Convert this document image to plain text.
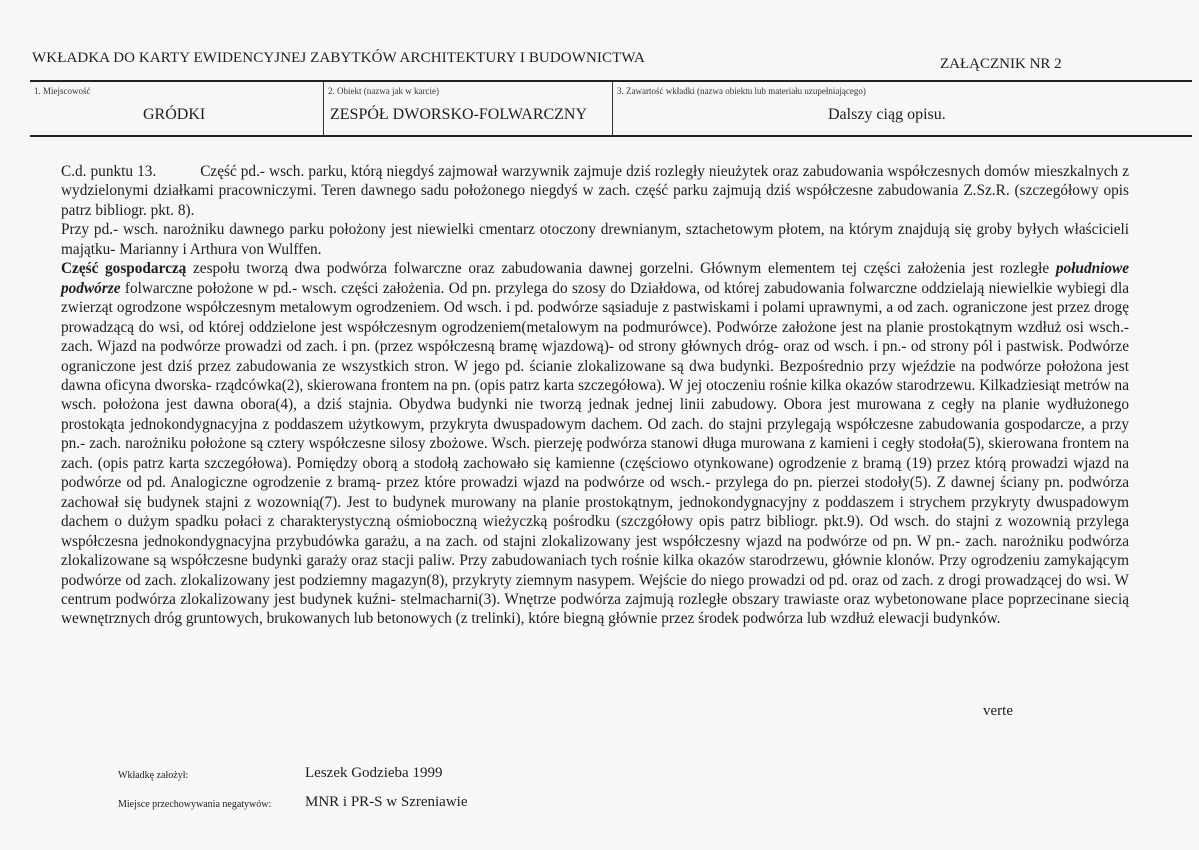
WKŁADKA DO KARTY EWIDENCYJNEJ ZABYTKÓW ARCHITEKTURY I BUDOWNICTWA	ZAŁĄCZNIK NR 2
1. Miejscowość
GRÓDKI
2. Obiekt (nazwa jak w karcie)
ZESPÓŁ DWORSKO-FOLWARCZNY
3. Zawartość wkładki (nazwa obiektu lub materiału uzupełniającego)
Dalszy ciąg opisu.

C.d. punktu 13.	Część pd.- wsch. parku, którą niegdyś zajmował warzywnik zajmuje dziś rozległy nieużytek oraz zabudowania współczesnych domów mieszkalnych z wydzielonymi działkami pracowniczymi. Teren dawnego sadu położonego niegdyś w zach. część parku zajmują dziś współczesne zabudowania Z.Sz.R. (szczegółowy opis patrz bibliogr. pkt. 8).

Przy pd.- wsch. narożniku dawnego parku położony jest niewielki cmentarz otoczony drewnianym, sztachetowym płotem, na którym znajdują się groby byłych właścicieli majątku- Marianny i Arthura von Wulffen.

Część gospodarczą zespołu tworzą dwa podwórza folwarczne oraz zabudowania dawnej gorzelni. Głównym elementem tej części założenia jest rozległe południowe podwórze folwarczne położone w pd.- wsch. części założenia. Od pn. przylega do szosy do Działdowa, od której zabudowania folwarczne oddzielają niewielkie wybiegi dla zwierząt ogrodzone współczesnym metalowym ogrodzeniem. Od wsch. i pd. podwórze sąsiaduje z pastwiskami i polami uprawnymi, a od zach. ograniczone jest przez drogę prowadzącą do wsi, od której oddzielone jest współczesnym ogrodzeniem(metalowym na podmurówce). Podwórze założone jest na planie prostokątnym wzdłuż osi wsch.- zach. Wjazd na podwórze prowadzi od zach. i pn. (przez współczesną bramę wjazdową)- od strony głównych dróg- oraz od wsch. i pn.- od strony pól i pastwisk. Podwórze ograniczone jest dziś przez zabudowania ze wszystkich stron. W jego pd. ścianie zlokalizowane są dwa budynki. Bezpośrednio przy wjeździe na podwórze położona jest dawna oficyna dworska- rządcówka(2), skierowana frontem na pn. (opis patrz karta szczegółowa). W jej otoczeniu rośnie kilka okazów starodrzewu. Kilkadziesiąt metrów na wsch. położona jest dawna obora(4), a dziś stajnia. Obydwa budynki nie tworzą jednak jednej linii zabudowy. Obora jest murowana z cegły na planie wydłużonego prostokąta jednokondygnacyjna z poddaszem użytkowym, przykryta dwuspadowym dachem. Od zach. do stajni przylegają współczesne zabudowania gospodarcze, a przy pn.- zach. narożniku położone są cztery współczesne silosy zbożowe. Wsch. pierzeję podwórza stanowi długa murowana z kamieni i cegły stodoła(5), skierowana frontem na zach. (opis patrz karta szczegółowa). Pomiędzy oborą a stodołą zachowało się kamienne (częściowo otynkowane) ogrodzenie z bramą (19) przez którą prowadzi wjazd na podwórze od pd. Analogiczne ogrodzenie z bramą- przez które prowadzi wjazd na podwórze od wsch.- przylega do pn. pierzei stodoły(5). Z dawnej ściany pn. podwórza zachował się budynek stajni z wozownią(7). Jest to budynek murowany na planie prostokątnym, jednokondygnacyjny z poddaszem i strychem przykryty dwuspadowym dachem o dużym spadku połaci z charakterystyczną ośmioboczną wieżyczką pośrodku (szczgółowy opis patrz bibliogr. pkt.9). Od wsch. do stajni z wozownią przylega współczesna jednokondygnacyjna przybudówka garażu, a na zach. od stajni zlokalizowany jest współczesny wjazd na podwórze od pn. W pn.- zach. narożniku podwórza zlokalizowane są współczesne budynki garaży oraz stacji paliw. Przy zabudowaniach tych rośnie kilka okazów starodrzewu, głównie klonów. Przy ogrodzeniu zamykającym podwórze od zach. zlokalizowany jest podziemny magazyn(8), przykryty ziemnym nasypem. Wejście do niego prowadzi od pd. oraz od zach. z drogi prowadzącej do wsi. W centrum podwórza zlokalizowany jest budynek kuźni- stelmacharni(3). Wnętrze podwórza zajmują rozległe obszary trawiaste oraz wybetonowane place poprzecinane siecią wewnętrznych dróg gruntowych, brukowanych lub betonowych (z trelinki), które biegną głównie przez środek podwórza lub wzdłuż elewacji budynków.

verte
Wkładkę założył:	Leszek Godzieba 1999
Miejsce przechowywania negatywów: MNR i PR-S w Szreniawie
